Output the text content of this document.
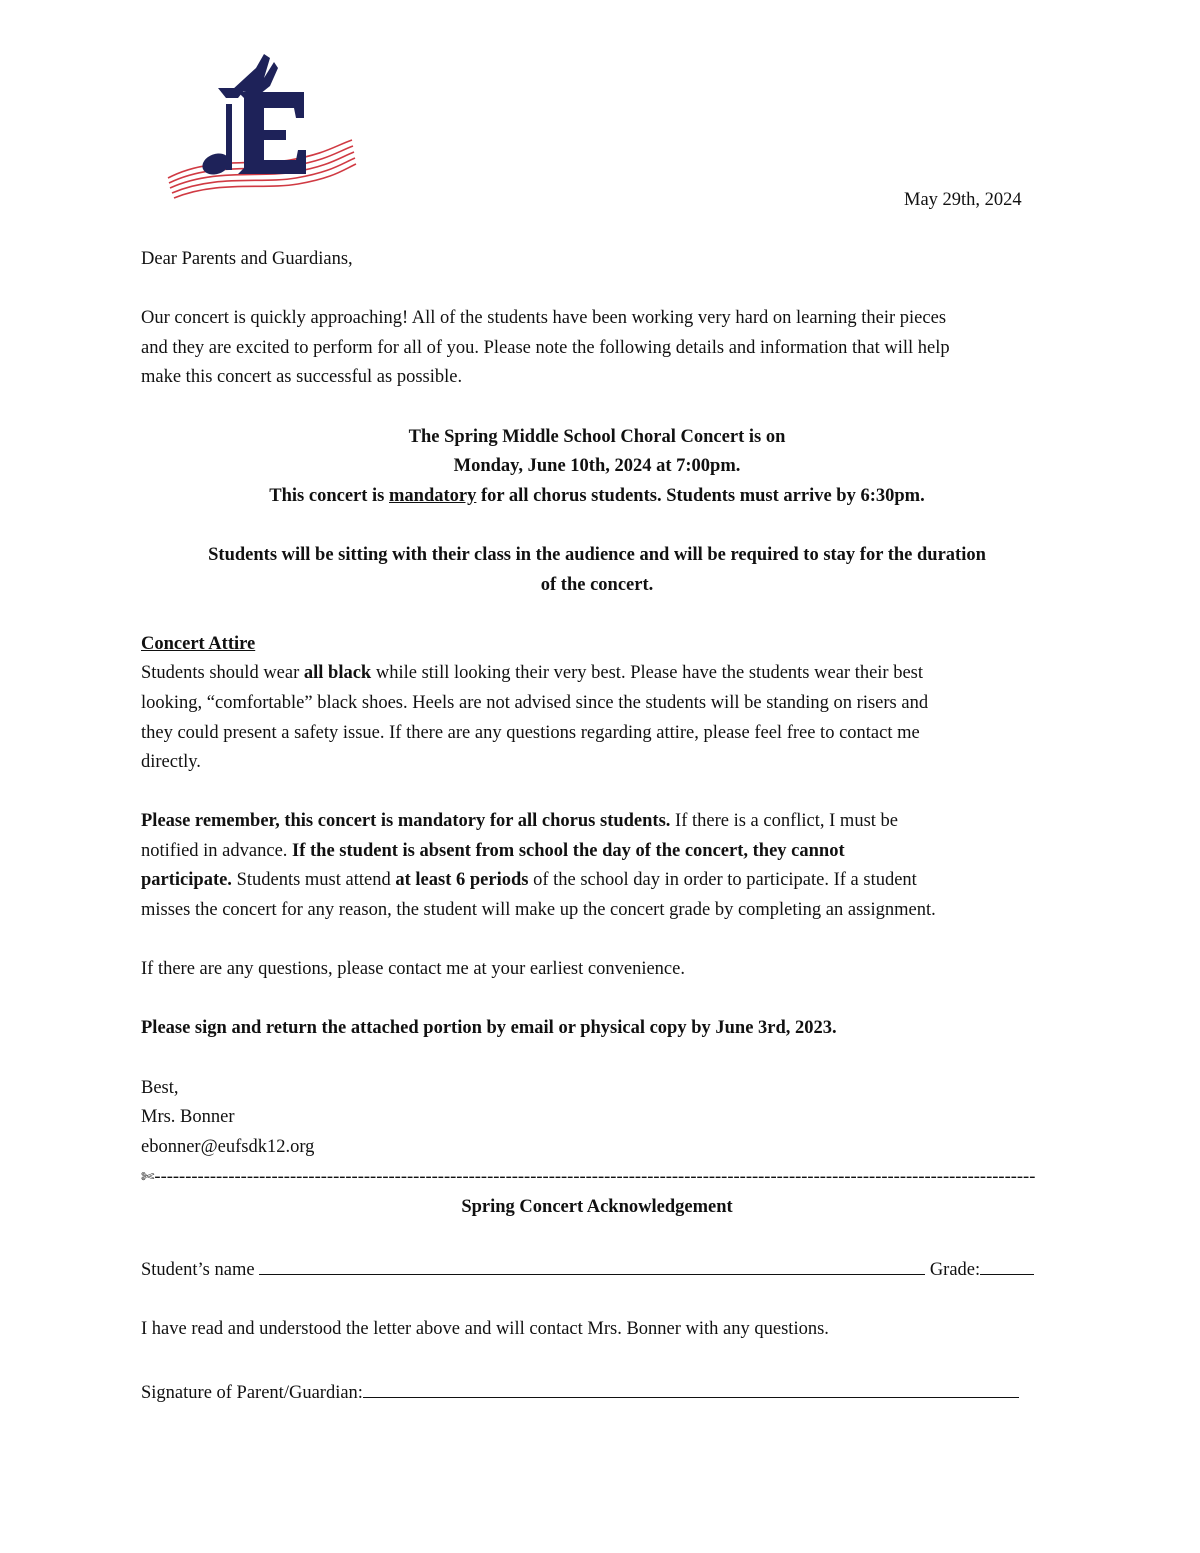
E
May 29th, 2024

Dear Parents and Guardians,

Our concert is quickly approaching! All of the students have been working very hard on learning their pieces

and they are excited to perform for all of you. Please note the following details and information that will help

make this concert as successful as possible.

The Spring Middle School Choral Concert is on

Monday, June 10th, 2024 at 7:00pm.

This concert is mandatory for all chorus students. Students must arrive by 6:30pm.

Students will be sitting with their class in the audience and will be required to stay for the duration

of the concert.

Concert Attire

Students should wear all black while still looking their very best. Please have the students wear their best

looking, “comfortable” black shoes. Heels are not advised since the students will be standing on risers and

they could present a safety issue. If there are any questions regarding attire, please feel free to contact me

directly.

Please remember, this concert is mandatory for all chorus students. If there is a conflict, I must be

notified in advance. If the student is absent from school the day of the concert, they cannot

participate. Students must attend at least 6 periods of the school day in order to participate. If a student

misses the concert for any reason, the student will make up the concert grade by completing an assignment.

If there are any questions, please contact me at your earliest convenience.

Please sign and return the attached portion by email or physical copy by June 3rd, 2023.

Best,

Mrs. Bonner

ebonner@eufsdk12.org

✄-----------------------------------------------------------------------------------------------------------------------------------------------

Spring Concert Acknowledgement

Student’s name	Grade:

I have read and understood the letter above and will contact Mrs. Bonner with any questions.

Signature of Parent/Guardian:
